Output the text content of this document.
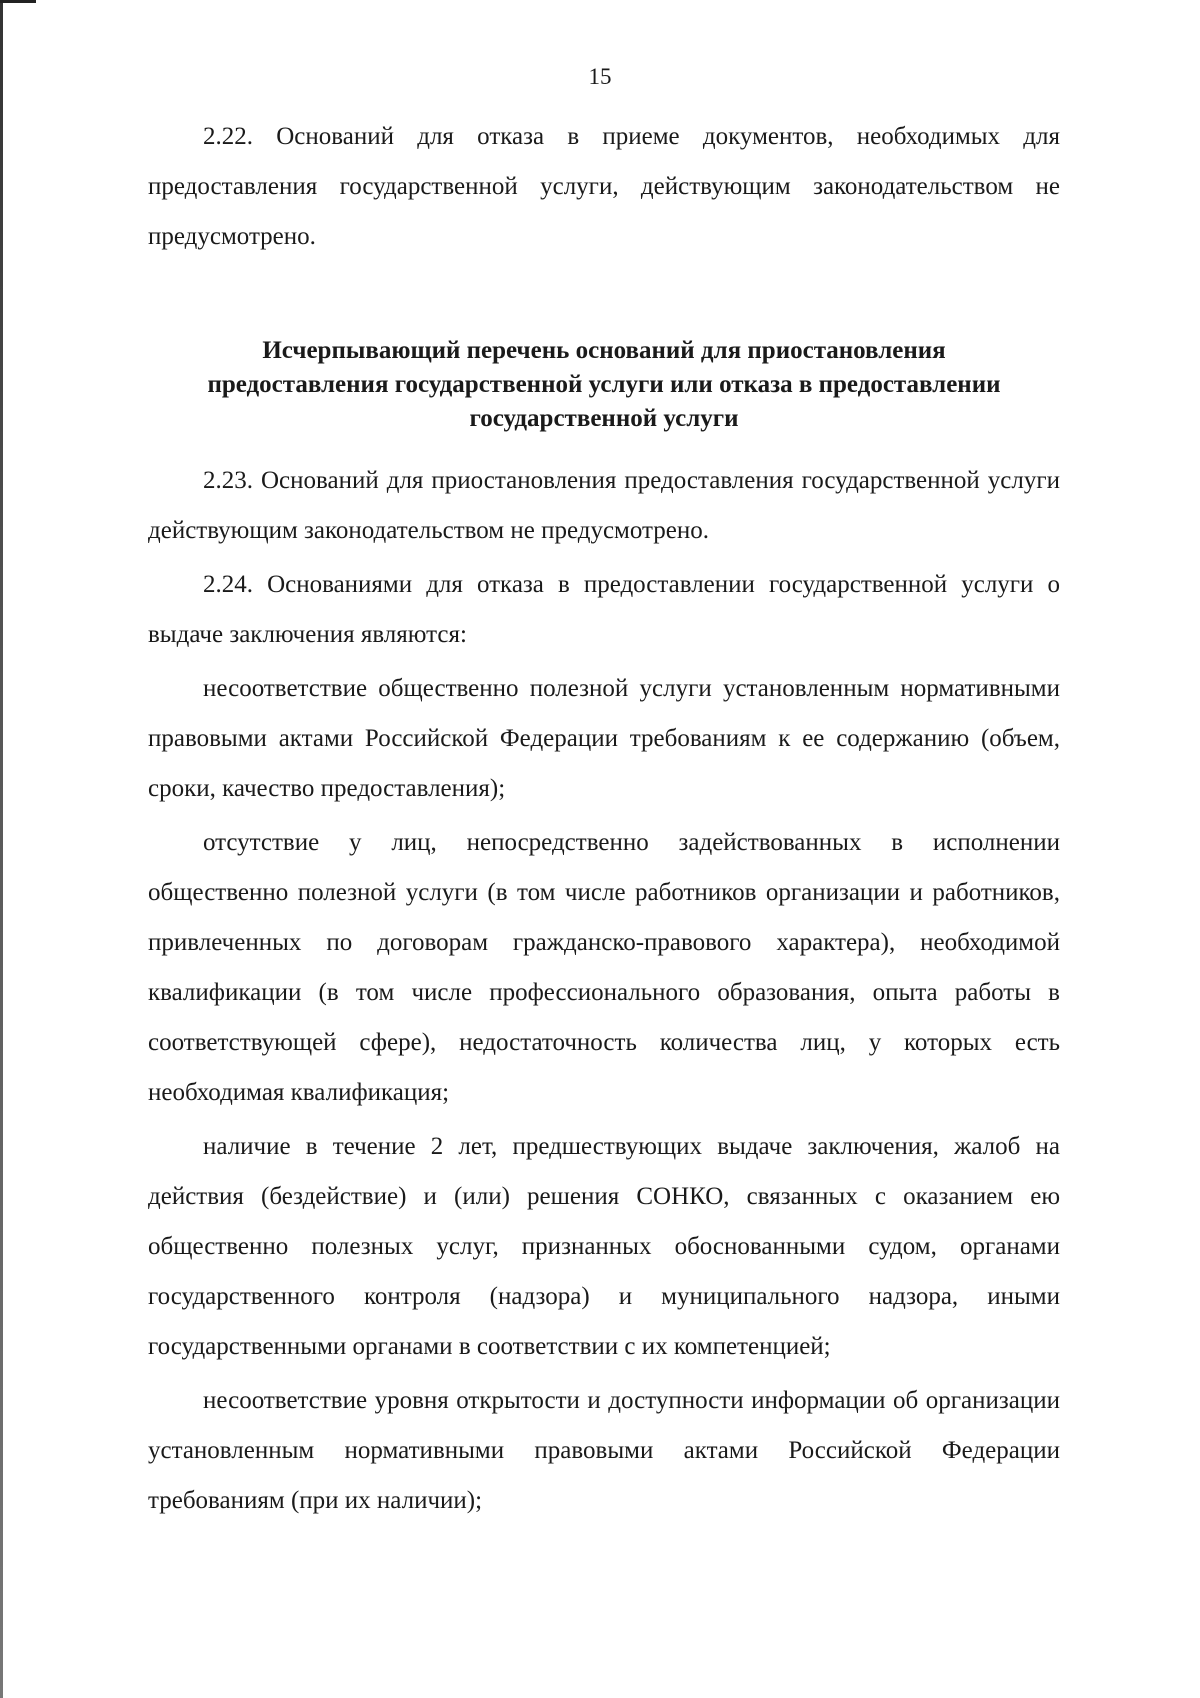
15

2.22. Оснований для отказа в приеме документов, необходимых для предоставления государственной услуги, действующим законодательством не предусмотрено.

Исчерпывающий перечень оснований для приостановления
предоставления государственной услуги или отказа в предоставлении
государственной услуги

2.23. Оснований для приостановления предоставления государственной услуги действующим законодательством не предусмотрено.

2.24. Основаниями для отказа в предоставлении государственной услуги о выдаче заключения являются:

несоответствие общественно полезной услуги установленным нормативными правовыми актами Российской Федерации требованиям к ее содержанию (объем, сроки, качество предоставления);

отсутствие у лиц, непосредственно задействованных в исполнении общественно полезной услуги (в том числе работников организации и работников, привлеченных по договорам гражданско-правового характера), необходимой квалификации (в том числе профессионального образования, опыта работы в соответствующей сфере), недостаточность количества лиц, у которых есть необходимая квалификация;

наличие в течение 2 лет, предшествующих выдаче заключения, жалоб на действия (бездействие) и (или) решения СОНКО, связанных с оказанием ею общественно полезных услуг, признанных обоснованными судом, органами государственного контроля (надзора) и муниципального надзора, иными государственными органами в соответствии с их компетенцией;

несоответствие уровня открытости и доступности информации об организации установленным нормативными правовыми актами Российской Федерации требованиям (при их наличии);
